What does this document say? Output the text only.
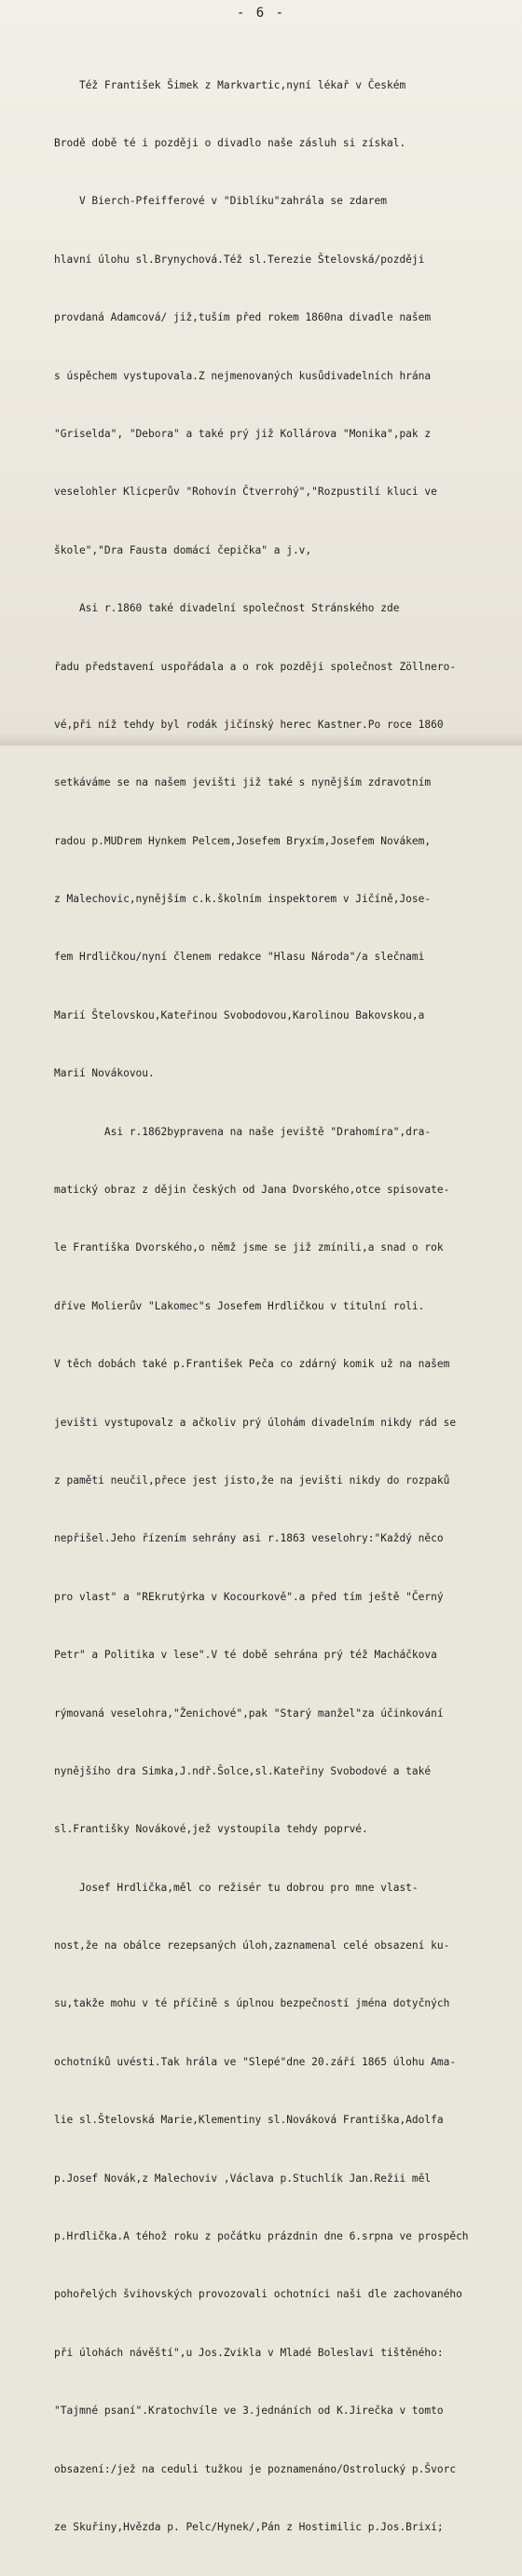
- 6 -

Též František Šimek z Markvartic,nyní lékař v Českém

Brodě době té i později o divadlo naše zásluh si získal.

V Bierch-Pfeifferové v "Diblíku"zahrála se zdarem

hlavní úlohu sl.Brynychová.Též sl.Terezie Štelovská/později

provdaná Adamcová/ již,tuším před rokem 1860na divadle našem

s úspěchem vystupovala.Z nejmenovaných kusůdivadelních hrána

"Griselda", "Debora" a také prý již Kollárova "Monika",pak z

veselohler Klicperův "Rohovín Čtverrohý","Rozpustilí kluci ve

škole","Dra Fausta domácí čepička" a j.v,

Asi r.1860 také divadelní společnost Stránského zde

řadu představení uspořádala a o rok později společnost Zöllnero-

vé,při níž tehdy byl rodák jičínský herec Kastner.Po roce 1860

setkáváme se na našem jevišti již také s nynějším zdravotním

radou p.MUDrem Hynkem Pelcem,Josefem Bryxím,Josefem Novákem,

z Malechovic,nynějším c.k.školním inspektorem v Jičíně,Jose-

fem Hrdličkou/nyní členem redakce "Hlasu Národa"/a slečnami

Marií Štelovskou,Kateřinou Svobodovou,Karolinou Bakovskou,a

Marií Novákovou.

Asi r.1862bypravena na naše jeviště "Drahomíra",dra-

matický obraz z dějin českých od Jana Dvorského,otce spisovate-

le Františka Dvorského,o němž jsme se již zmínili,a snad o rok

dříve Molierův "Lakomec"s Josefem Hrdličkou v titulní roli.

V těch dobách také p.František Peča co zdárný komik už na našem

jevišti vystupovalz a ačkoliv prý úlohám divadelním nikdy rád se

z paměti neučil,přece jest jisto,že na jevišti nikdy do rozpaků

nepřišel.Jeho řízením sehrány asi r.1863 veselohry:"Každý něco

pro vlast" a "REkrutýrka v Kocourkově".a před tím ještě "Černý

Petr" a Politika v lese".V té době sehrána prý též Macháčkova

rýmovaná veselohra,"Ženichové",pak "Starý manžel"za účinkování

nynějšího dra Simka,J.ndř.Šolce,sl.Kateřiny Svobodové a také

sl.Františky Novákové,jež vystoupila tehdy poprvé.

Josef Hrdlička,měl co režisér tu dobrou pro mne vlast-

nost,že na obálce rezepsaných úloh,zaznamenal celé obsazení ku-

su,takže mohu v té příčině s úplnou bezpečností jména dotyčných

ochotníků uvésti.Tak hrála ve "Slepé"dne 20.září 1865 úlohu Ama-

lie sl.Štelovská Marie,Klementiny sl.Nováková Františka,Adolfa

p.Josef Novák,z Malechoviv ,Václava p.Stuchlík Jan.Režii měl

p.Hrdlička.A téhož roku z počátku prázdnin dne 6.srpna ve prospěch

pohořelých švihovských provozovali ochotníci naši dle zachovaného

při úlohách návěští",u Jos.Zvikla v Mladé Boleslavi tištěného:

"Tajmné psaní".Kratochvíle ve 3.jednáních od K.Jirečka v tomto

obsazení:/jež na ceduli tužkou je poznamenáno/Ostrolucký p.Švorc

ze Skuřiny,Hvězda p. Pelc/Hynek/,Pán z Hostimilic p.Jos.Brixí;
